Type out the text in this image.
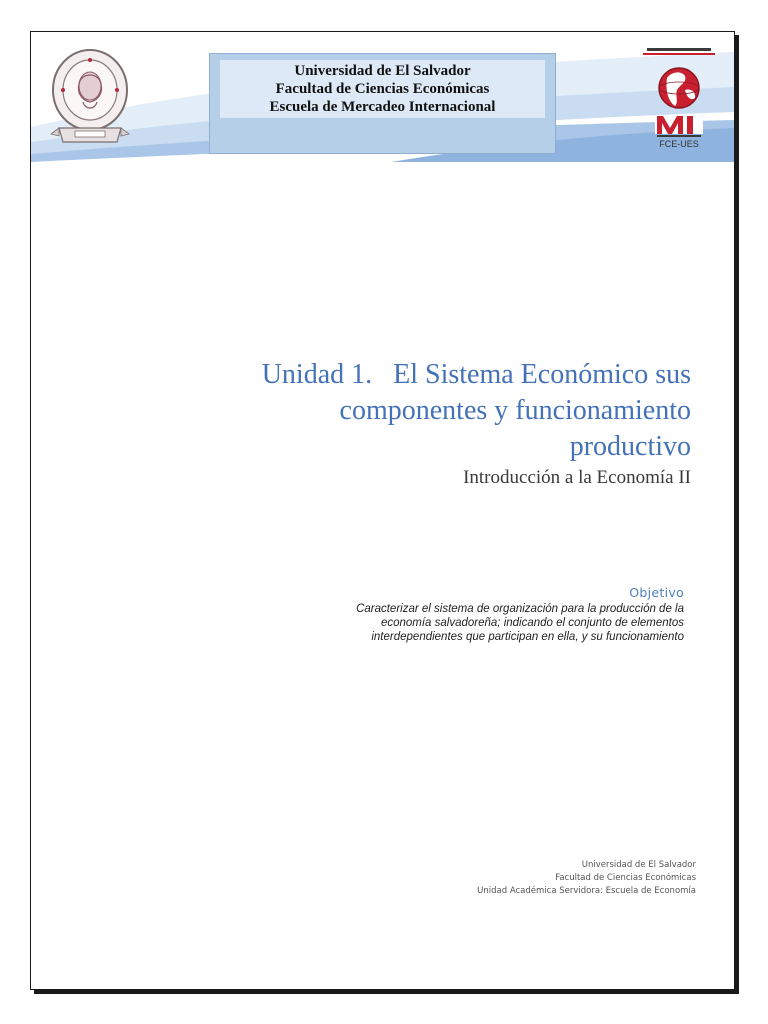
Universidad de El Salvador
Facultad de Ciencias Económicas
Escuela de Mercadeo Internacional
FCE-UES
Unidad 1.   El Sistema Económico sus
componentes y funcionamiento
productivo
Introducción a la Economía II
Objetivo
Caracterizar el sistema de organización para la producción de la
economía salvadoreña; indicando el conjunto de elementos
interdependientes que participan en ella, y su funcionamiento
Universidad de El Salvador
Facultad de Ciencias Económicas
Unidad Académica Servidora: Escuela de Economía
